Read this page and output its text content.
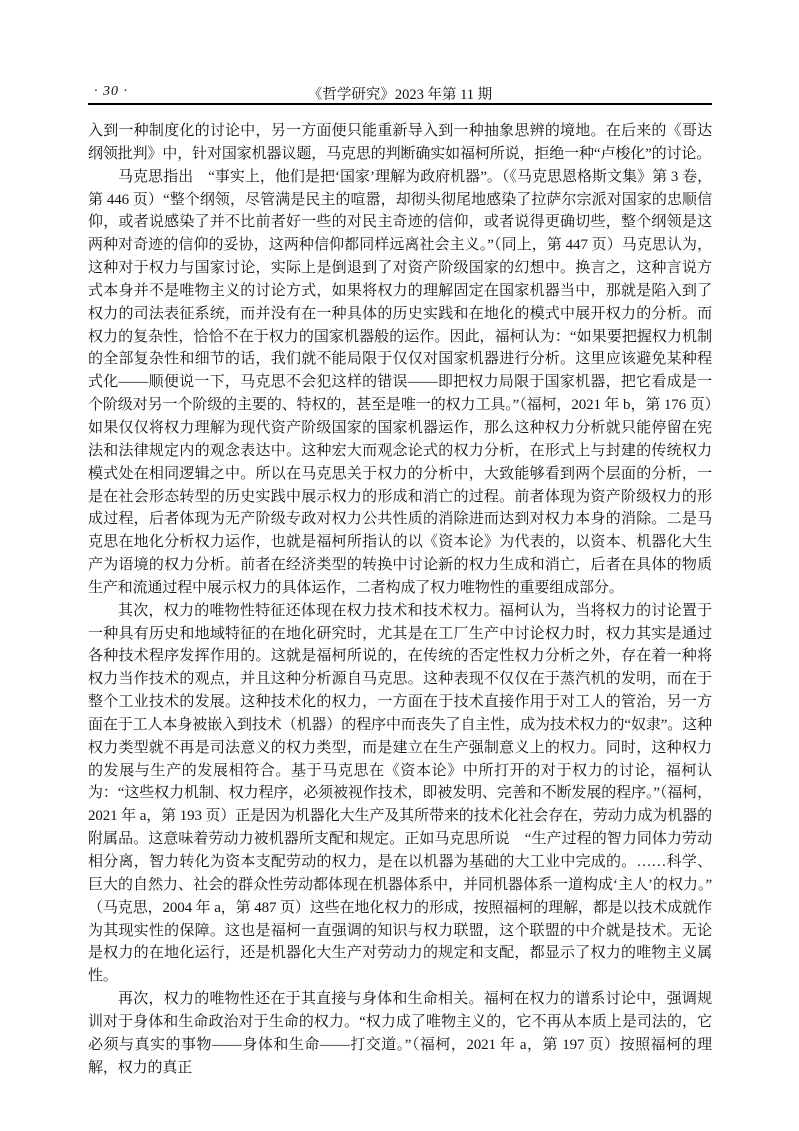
· 30 ·	《哲学研究》2023 年第 11 期

入到一种制度化的讨论中，另一方面便只能重新导入到一种抽象思辨的境地。在后来的《哥达纲领批判》中，针对国家机器议题，马克思的判断确实如福柯所说，拒绝一种“卢梭化”的讨论。

马克思指出　“事实上，他们是把‘国家’理解为政府机器”。（《马克思恩格斯文集》第 3 卷，第 446 页）“整个纲领，尽管满是民主的喧嚣，却彻头彻尾地感染了拉萨尔宗派对国家的忠顺信仰，或者说感染了并不比前者好一些的对民主奇迹的信仰，或者说得更确切些，整个纲领是这两种对奇迹的信仰的妥协，这两种信仰都同样远离社会主义。”（同上，第 447 页）马克思认为，这种对于权力与国家讨论，实际上是倒退到了对资产阶级国家的幻想中。换言之，这种言说方式本身并不是唯物主义的讨论方式，如果将权力的理解固定在国家机器当中，那就是陷入到了权力的司法表征系统，而并没有在一种具体的历史实践和在地化的模式中展开权力的分析。而权力的复杂性，恰恰不在于权力的国家机器般的运作。因此，福柯认为：“如果要把握权力机制的全部复杂性和细节的话，我们就不能局限于仅仅对国家机器进行分析。这里应该避免某种程式化——顺便说一下，马克思不会犯这样的错误——即把权力局限于国家机器，把它看成是一个阶级对另一个阶级的主要的、特权的，甚至是唯一的权力工具。”（福柯，2021 年 b，第 176 页）如果仅仅将权力理解为现代资产阶级国家的国家机器运作，那么这种权力分析就只能停留在宪法和法律规定内的观念表达中。这种宏大而观念论式的权力分析，在形式上与封建的传统权力模式处在相同逻辑之中。所以在马克思关于权力的分析中，大致能够看到两个层面的分析，一是在社会形态转型的历史实践中展示权力的形成和消亡的过程。前者体现为资产阶级权力的形成过程，后者体现为无产阶级专政对权力公共性质的消除进而达到对权力本身的消除。二是马克思在地化分析权力运作，也就是福柯所指认的以《资本论》为代表的，以资本、机器化大生产为语境的权力分析。前者在经济类型的转换中讨论新的权力生成和消亡，后者在具体的物质生产和流通过程中展示权力的具体运作，二者构成了权力唯物性的重要组成部分。

其次，权力的唯物性特征还体现在权力技术和技术权力。福柯认为，当将权力的讨论置于一种具有历史和地域特征的在地化研究时，尤其是在工厂生产中讨论权力时，权力其实是通过各种技术程序发挥作用的。这就是福柯所说的，在传统的否定性权力分析之外，存在着一种将权力当作技术的观点，并且这种分析源自马克思。这种表现不仅仅在于蒸汽机的发明，而在于整个工业技术的发展。这种技术化的权力，一方面在于技术直接作用于对工人的管治，另一方面在于工人本身被嵌入到技术（机器）的程序中而丧失了自主性，成为技术权力的“奴隶”。这种权力类型就不再是司法意义的权力类型，而是建立在生产强制意义上的权力。同时，这种权力的发展与生产的发展相符合。基于马克思在《资本论》中所打开的对于权力的讨论，福柯认为：“这些权力机制、权力程序，必须被视作技术，即被发明、完善和不断发展的程序。”（福柯，2021 年 a，第 193 页）正是因为机器化大生产及其所带来的技术化社会存在，劳动力成为机器的附属品。这意味着劳动力被机器所支配和规定。正如马克思所说　“生产过程的智力同体力劳动相分离，智力转化为资本支配劳动的权力，是在以机器为基础的大工业中完成的。……科学、巨大的自然力、社会的群众性劳动都体现在机器体系中，并同机器体系一道构成‘主人’的权力。”（马克思，2004 年 a，第 487 页）这些在地化权力的形成，按照福柯的理解，都是以技术成就作为其现实性的保障。这也是福柯一直强调的知识与权力联盟，这个联盟的中介就是技术。无论是权力的在地化运行，还是机器化大生产对劳动力的规定和支配，都显示了权力的唯物主义属性。

再次，权力的唯物性还在于其直接与身体和生命相关。福柯在权力的谱系讨论中，强调规训对于身体和生命政治对于生命的权力。“权力成了唯物主义的，它不再从本质上是司法的，它必须与真实的事物——身体和生命——打交道。”（福柯，2021 年 a，第 197 页）按照福柯的理解，权力的真正
